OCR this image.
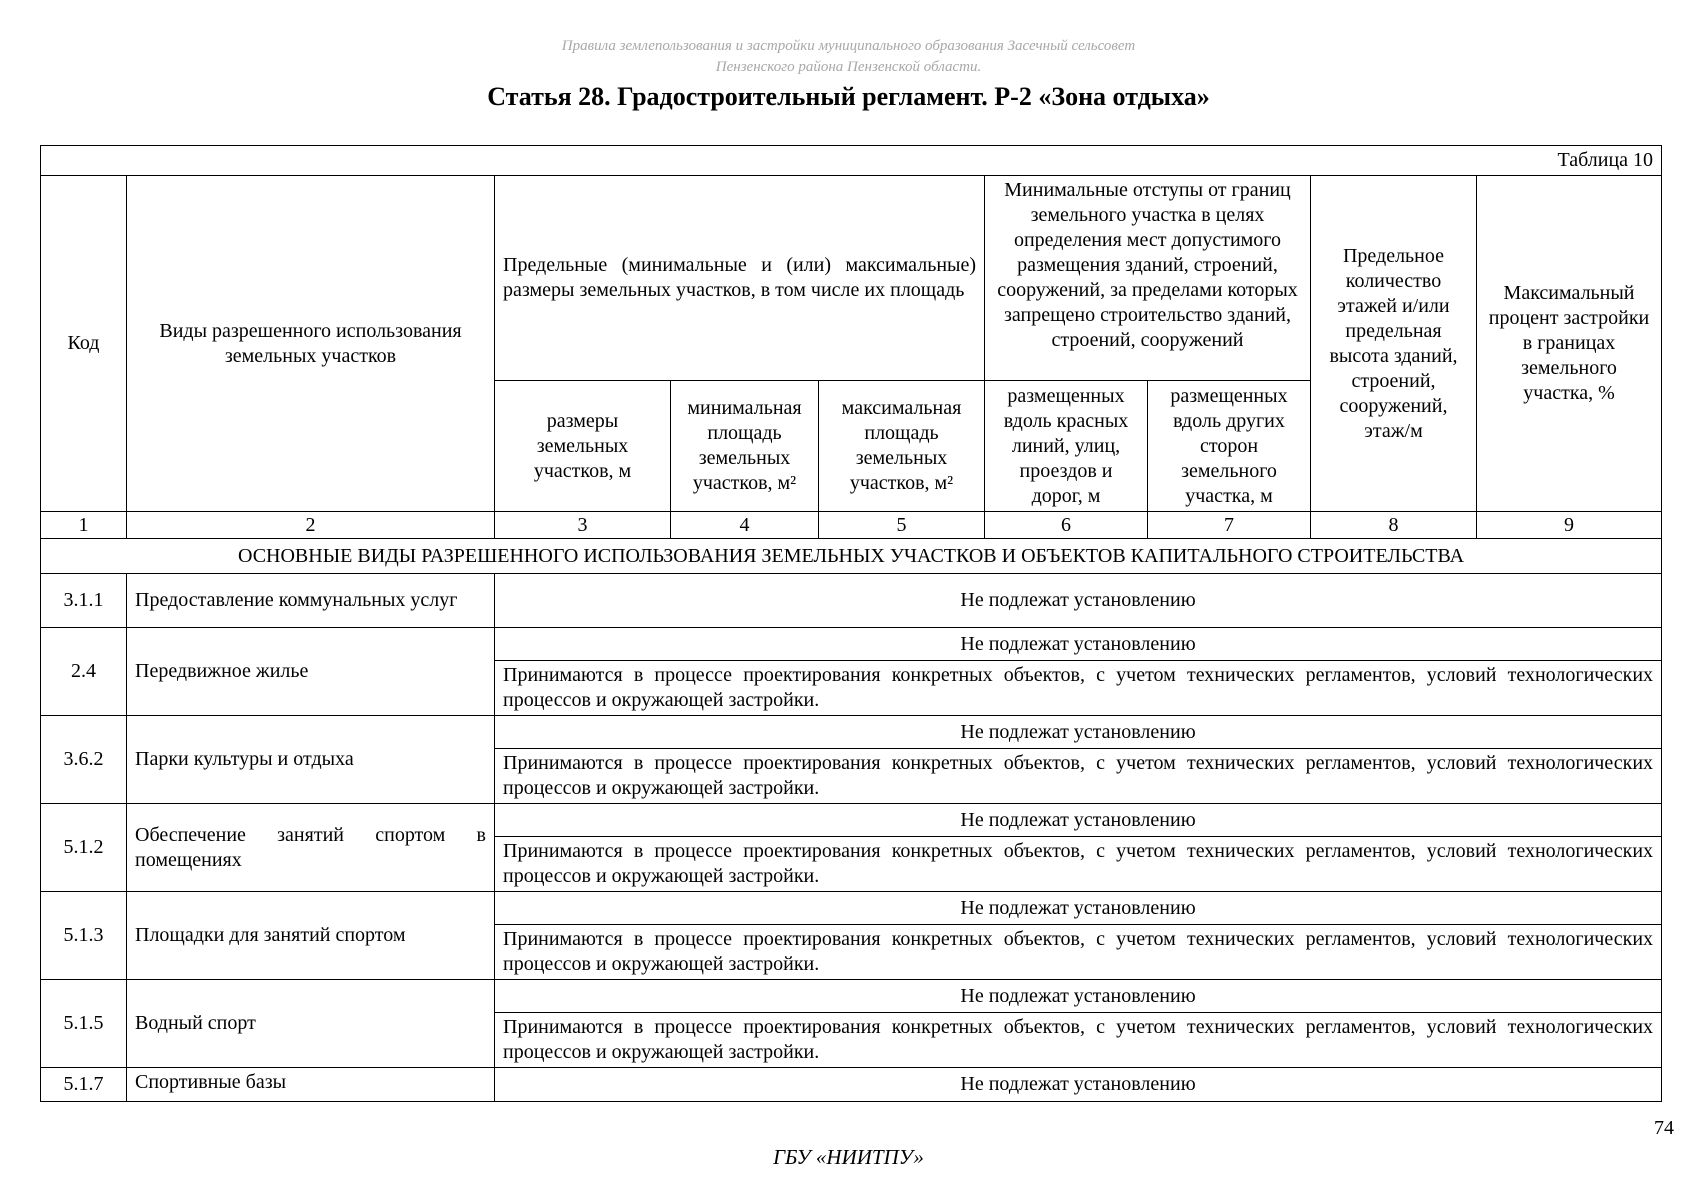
Правила землепользования и застройки муниципального образования Засечный сельсовет
Пензенского района Пензенской области.
Статья 28. Градостроительный регламент. Р-2 «Зона отдыха»
Таблица 10								
Код	Виды разрешенного использования земельных участков	Предельные (минимальные и (или) максимальные) размеры земельных участков, в том числе их площадь			Минимальные отступы от границ земельного участка в целях определения мест допустимого размещения зданий, строений, сооружений, за пределами которых запрещено строительство зданий, строений, сооружений		Предельное количество этажей и/или предельная высота зданий, строений, сооружений, этаж/м	Максимальный процент застройки в границах земельного участка, %
		размеры земельных участков, м	минимальная площадь земельных участков, м²	максимальная площадь земельных участков, м²	размещенных вдоль красных линий, улиц, проездов и дорог, м	размещенных вдоль других сторон земельного участка, м		
1	2	3	4	5	6	7	8	9
ОСНОВНЫЕ ВИДЫ РАЗРЕШЕННОГО ИСПОЛЬЗОВАНИЯ ЗЕМЕЛЬНЫХ УЧАСТКОВ И ОБЪЕКТОВ КАПИТАЛЬНОГО СТРОИТЕЛЬСТВА								
3.1.1	Предоставление коммунальных услуг	Не подлежат установлению						
2.4	Передвижное жилье	Не подлежат установлению						
		Принимаются в процессе проектирования конкретных объектов, с учетом технических регламентов, условий технологических процессов и окружающей застройки.						
3.6.2	Парки культуры и отдыха	Не подлежат установлению						
		Принимаются в процессе проектирования конкретных объектов, с учетом технических регламентов, условий технологических процессов и окружающей застройки.						
5.1.2	Обеспечение занятий спортом в помещениях	Не подлежат установлению						
		Принимаются в процессе проектирования конкретных объектов, с учетом технических регламентов, условий технологических процессов и окружающей застройки.						
5.1.3	Площадки для занятий спортом	Не подлежат установлению						
		Принимаются в процессе проектирования конкретных объектов, с учетом технических регламентов, условий технологических процессов и окружающей застройки.						
5.1.5	Водный спорт	Не подлежат установлению						
		Принимаются в процессе проектирования конкретных объектов, с учетом технических регламентов, условий технологических процессов и окружающей застройки.						
5.1.7	Спортивные базы	Не подлежат установлению						
74
ГБУ «НИИТПУ»
